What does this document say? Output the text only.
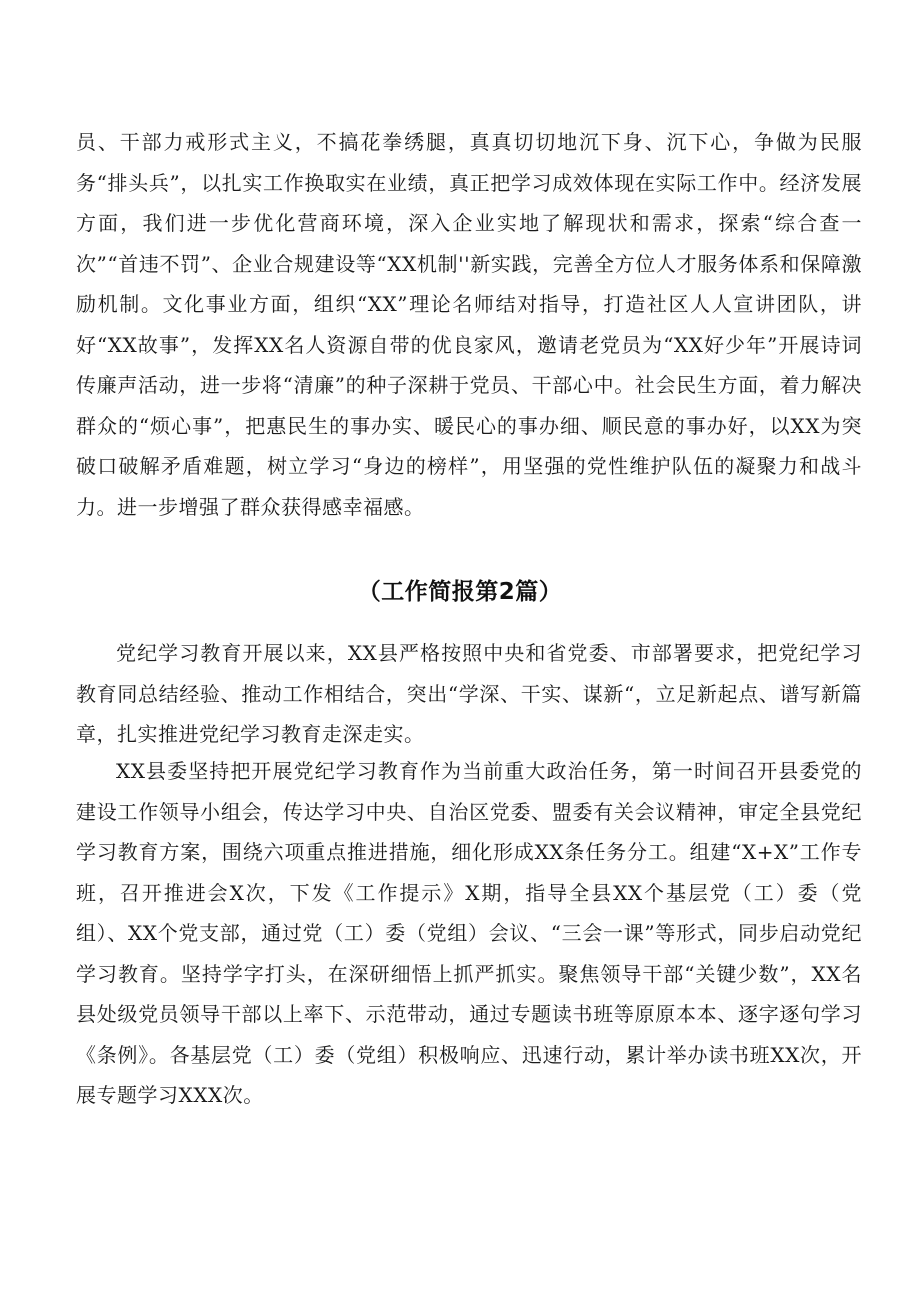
员、干部力戒形式主义，不搞花拳绣腿，真真切切地沉下身、沉下心，争做为民服务“排头兵”，以扎实工作换取实在业绩，真正把学习成效体现在实际工作中。经济发展方面，我们进一步优化营商环境，深入企业实地了解现状和需求，探索“综合查一次”“首违不罚”、企业合规建设等“XX机制''新实践，完善全方位人才服务体系和保障激励机制。文化事业方面，组织“XX”理论名师结对指导，打造社区人人宣讲团队，讲好“XX故事”，发挥XX名人资源自带的优良家风，邀请老党员为“XX好少年”开展诗词传廉声活动，进一步将“清廉”的种子深耕于党员、干部心中。社会民生方面，着力解决群众的“烦心事”，把惠民生的事办实、暖民心的事办细、顺民意的事办好，以XX为突破口破解矛盾难题，树立学习“身边的榜样”，用坚强的党性维护队伍的凝聚力和战斗力。进一步增强了群众获得感幸福感。

（工作简报第2篇）

党纪学习教育开展以来，XX县严格按照中央和省党委、市部署要求，把党纪学习教育同总结经验、推动工作相结合，突出“学深、干实、谋新“，立足新起点、谱写新篇章，扎实推进党纪学习教育走深走实。

XX县委坚持把开展党纪学习教育作为当前重大政治任务，第一时间召开县委党的建设工作领导小组会，传达学习中央、自治区党委、盟委有关会议精神，审定全县党纪学习教育方案，围绕六项重点推进措施，细化形成XX条任务分工。组建“X+X”工作专班，召开推进会X次，下发《工作提示》X期，指导全县XX个基层党（工）委（党组）、XX个党支部，通过党（工）委（党组）会议、“三会一课”等形式，同步启动党纪学习教育。坚持学字打头，在深研细悟上抓严抓实。聚焦领导干部“关键少数”，XX名县处级党员领导干部以上率下、示范带动，通过专题读书班等原原本本、逐字逐句学习《条例》。各基层党（工）委（党组）积极响应、迅速行动，累计举办读书班XX次，开展专题学习XXX次。
